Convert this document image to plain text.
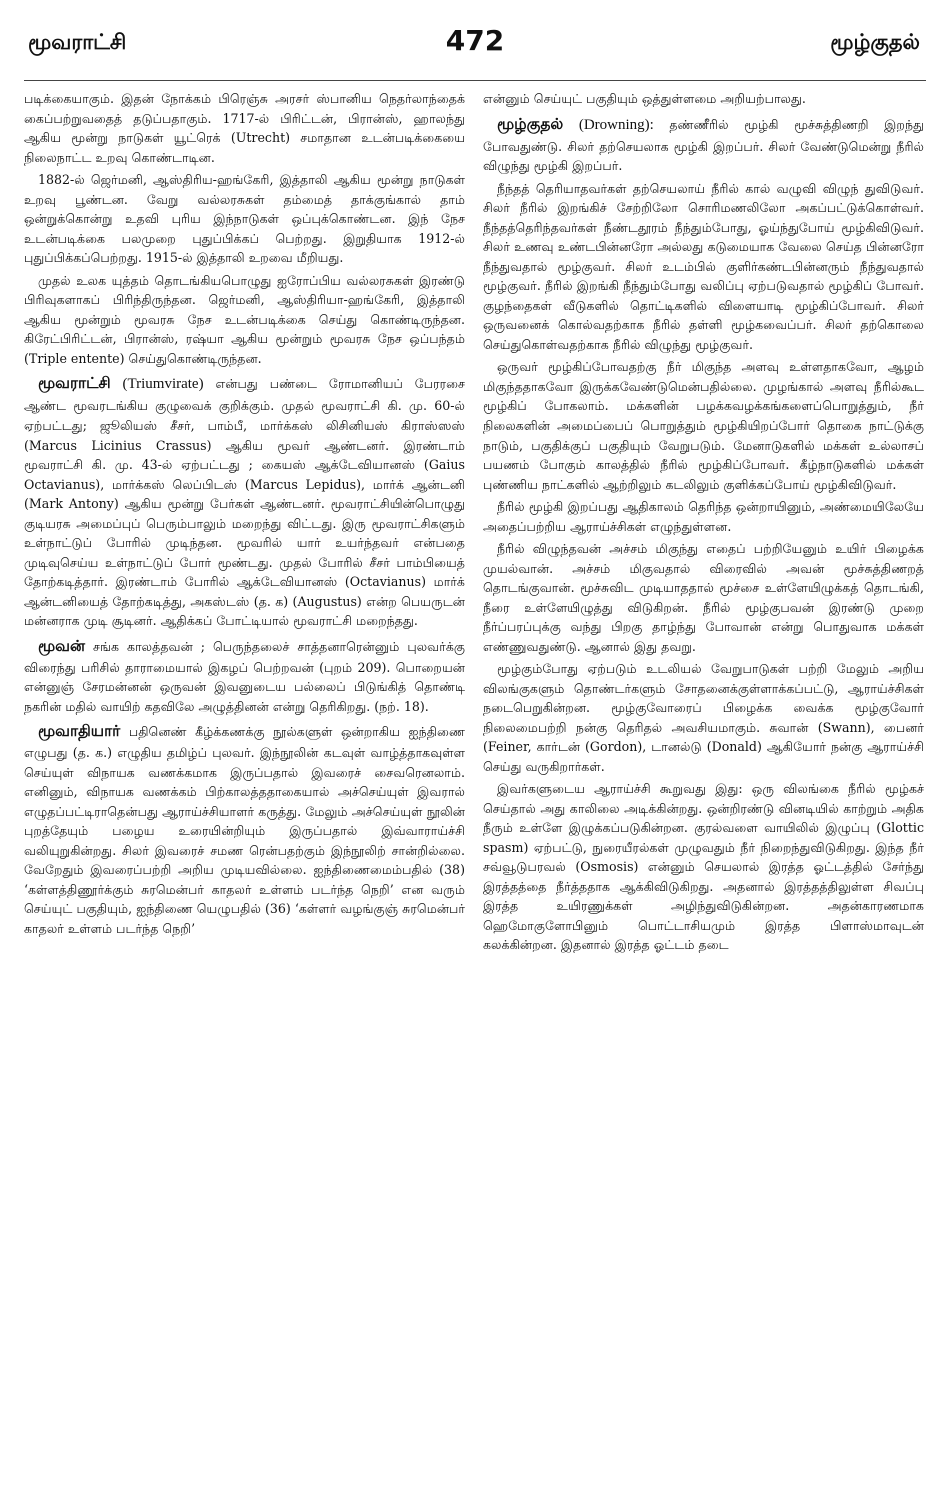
மூவராட்சி	472	மூழ்குதல்

படிக்கையாகும். இதன் நோக்கம் பிரெஞ்சு அரசர் ஸ்பானிய நெதர்லாந்தைக் கைப்பற்றுவதைத் தடுப்பதாகும். 1717-ல் பிரிட்டன், பிரான்ஸ், ஹாலந்து ஆகிய மூன்று நாடுகள் யூட்ரெக் (Utrecht) சமாதான உடன்படிக்கையை நிலைநாட்ட உறவு கொண்டாடின.

1882-ல் ஜெர்மனி, ஆஸ்திரிய-ஹங்கேரி, இத்தாலி ஆகிய மூன்று நாடுகள் உறவு பூண்டன. வேறு வல்லரசுகள் தம்மைத் தாக்குங்கால் தாம் ஒன்றுக்கொன்று உதவி புரிய இந்நாடுகள் ஒப்புக்கொண்டன. இந் நேச உடன்படிக்கை பலமுறை புதுப்பிக்கப் பெற்றது. இறுதியாக 1912-ல் புதுப்பிக்கப்பெற்றது. 1915-ல் இத்தாலி உறவை மீறியது.

முதல் உலக யுத்தம் தொடங்கியபொழுது ஐரோப்பிய வல்லரசுகள் இரண்டு பிரிவுகளாகப் பிரிந்திருந்தன. ஜெர்மனி, ஆஸ்திரியா-ஹங்கேரி, இத்தாலி ஆகிய மூன்றும் மூவரசு நேச உடன்படிக்கை செய்து கொண்டிருந்தன. கிரேட்பிரிட்டன், பிரான்ஸ், ரஷ்யா ஆகிய மூன்றும் மூவரசு நேச ஒப்பந்தம் (Triple entente) செய்துகொண்டிருந்தன.

மூவராட்சி (Triumvirate) என்பது பண்டை ரோமானியப் பேரரசை ஆண்ட மூவரடங்கிய குழுவைக் குறிக்கும். முதல் மூவராட்சி கி. மு. 60-ல் ஏற்பட்டது; ஜூலியஸ் சீசர், பாம்பீ, மார்க்கஸ் லிசினியஸ் கிராஸ்ஸஸ் (Marcus Licinius Crassus) ஆகிய மூவர் ஆண்டனர். இரண்டாம் மூவராட்சி கி. மு. 43-ல் ஏற்பட்டது ; கையஸ் ஆக்டேவியானஸ் (Gaius Octavianus), மார்க்கஸ் லெப்பிடஸ் (Marcus Lepidus), மார்க் ஆன்டனி (Mark Antony) ஆகிய மூன்று பேர்கள் ஆண்டனர். மூவராட்சியின்பொழுது குடியரசு அமைப்புப் பெரும்பாலும் மறைந்து விட்டது. இரு மூவராட்சிகளும் உள்நாட்டுப் போரில் முடிந்தன. மூவரில் யார் உயர்ந்தவர் என்பதை முடிவுசெய்ய உள்நாட்டுப் போர் மூண்டது. முதல் போரில் சீசர் பாம்பியைத் தோற்கடித்தார். இரண்டாம் போரில் ஆக்டேவியானஸ் (Octavianus) மார்க் ஆன்டனியைத் தோற்கடித்து, அகஸ்டஸ் (த. க) (Augustus) என்ற பெயருடன் மன்னராக முடி சூடினர். ஆதிக்கப் போட்டியால் மூவராட்சி மறைந்தது.

மூவன் சங்க காலத்தவன் ; பெருந்தலைச் சாத்தனாரென்னும் புலவர்க்கு விரைந்து பரிசில் தாராமையால் இகழப் பெற்றவன் (புறம் 209). பொறையன் என்னுஞ் சேரமன்னன் ஒருவன் இவனுடைய பல்லைப் பிடுங்கித் தொண்டி நகரின் மதில் வாயிற் கதவிலே அழுத்தினன் என்று தெரிகிறது. (நற். 18).

மூவாதியார் பதினெண் கீழ்க்கணக்கு நூல்களுள் ஒன்றாகிய ஐந்திணை எழுபது (த. க.) எழுதிய தமிழ்ப் புலவர். இந்நூலின் கடவுள் வாழ்த்தாகவுள்ள செய்யுள் விநாயக வணக்கமாக இருப்பதால் இவரைச் சைவரெனலாம். எனினும், விநாயக வணக்கம் பிற்காலத்ததாகையால் அச்செய்யுள் இவரால் எழுதப்பட்டிராதென்பது ஆராய்ச்சியாளர் கருத்து. மேலும் அச்செய்யுள் நூலின் புறத்தேயும் பழைய உரையின்றியும் இருப்பதால் இவ்வாராய்ச்சி வலியுறுகின்றது. சிலர் இவரைச் சமண ரென்பதற்கும் இந்நூலிற் சான்றில்லை. வேறேதும் இவரைப்பற்றி அறிய முடியவில்லை. ஐந்திணைமைம்பதில் (38) ‘கள்ளத்திணூர்க்கும் சுரமென்பர் காதலர் உள்ளம் படர்ந்த நெறி’ என வரும் செய்யுட் பகுதியும், ஐந்திணை யெழுபதில் (36) ‘கள்ளர் வழங்குஞ் சுரமென்பர் காதலர் உள்ளம் படர்ந்த நெறி’

என்னும் செய்யுட் பகுதியும் ஒத்துள்ளமை அறியற்பாலது.

மூழ்குதல் (Drowning): தண்ணீரில் மூழ்கி மூச்சுத்திணறி இறந்து போவதுண்டு. சிலர் தற்செயலாக மூழ்கி இறப்பர். சிலர் வேண்டுமென்று நீரில் விழுந்து மூழ்கி இறப்பர்.

நீந்தத் தெரியாதவர்கள் தற்செயலாய் நீரில் கால் வழுவி விழுந் துவிடுவர். சிலர் நீரில் இறங்கிச் சேற்றிலோ சொரிமணலிலோ அகப்பட்டுக்கொள்வர். நீந்தத்தெரிந்தவர்கள் நீண்டதூரம் நீந்தும்போது, ஓய்ந்துபோய் மூழ்கிவிடுவர். சிலர் உணவு உண்டபின்னரோ அல்லது கடுமையாக வேலை செய்த பின்னரோ நீந்துவதால் மூழ்குவர். சிலர் உடம்பில் குளிர்கண்டபின்னரும் நீந்துவதால் மூழ்குவர். நீரில் இறங்கி நீந்தும்போது வலிப்பு ஏற்படுவதால் மூழ்கிப் போவர். குழந்தைகள் வீடுகளில் தொட்டிகளில் விளையாடி மூழ்கிப்போவர். சிலர் ஒருவனைக் கொல்வதற்காக நீரில் தள்ளி மூழ்கவைப்பர். சிலர் தற்கொலை செய்துகொள்வதற்காக நீரில் விழுந்து மூழ்குவர்.

ஒருவர் மூழ்கிப்போவதற்கு நீர் மிகுந்த அளவு உள்ளதாகவோ, ஆழம் மிகுந்ததாகவோ இருக்கவேண்டுமென்பதில்லை. முழங்கால் அளவு நீரில்கூட மூழ்கிப் போகலாம். மக்களின் பழக்கவழக்கங்களைப்பொறுத்தும், நீர் நிலைகளின் அமைப்பைப் பொறுத்தும் மூழ்கியிறப்போர் தொகை நாட்டுக்கு நாடும், பகுதிக்குப் பகுதியும் வேறுபடும். மேனாடுகளில் மக்கள் உல்லாசப் பயணம் போகும் காலத்தில் நீரில் மூழ்கிப்போவர். கீழ்நாடுகளில் மக்கள் புண்ணிய நாட்களில் ஆற்றிலும் கடலிலும் குளிக்கப்போய் மூழ்கிவிடுவர்.

நீரில் மூழ்கி இறப்பது ஆதிகாலம் தெரிந்த ஒன்றாயினும், அண்மையிலேயே அதைப்பற்றிய ஆராய்ச்சிகள் எழுந்துள்ளன.

நீரில் விழுந்தவன் அச்சம் மிகுந்து எதைப் பற்றியேனும் உயிர் பிழைக்க முயல்வான். அச்சம் மிகுவதால் விரைவில் அவன் மூச்சுத்திணறத் தொடங்குவான். மூச்சுவிட முடியாததால் மூச்சை உள்ளேயிழுக்கத் தொடங்கி, நீரை உள்ளேயிழுத்து விடுகிறன். நீரில் மூழ்குபவன் இரண்டு முறை நீர்ப்பரப்புக்கு வந்து பிறகு தாழ்ந்து போவான் என்று பொதுவாக மக்கள் எண்ணுவதுண்டு. ஆனால் இது தவறு.

மூழ்கும்போது ஏற்படும் உடலியல் வேறுபாடுகள் பற்றி மேலும் அறிய விலங்குகளும் தொண்டர்களும் சோதனைக்குள்ளாக்கப்பட்டு, ஆராய்ச்சிகள் நடைபெறுகின்றன. மூழ்குவோரைப் பிழைக்க வைக்க மூழ்குவோர் நிலைமைபற்றி நன்கு தெரிதல் அவசியமாகும். சுவான் (Swann), பைனர் (Feiner, கார்டன் (Gordon), டானல்டு (Donald) ஆகியோர் நன்கு ஆராய்ச்சி செய்து வருகிறார்கள்.

இவர்களுடைய ஆராய்ச்சி கூறுவது இது: ஒரு விலங்கை நீரில் மூழ்கச் செய்தால் அது காலிலை அடிக்கின்றது. ஒன்றிரண்டு வினடியில் காற்றும் அதிக நீரும் உள்ளே இழுக்கப்படுகின்றன. குரல்வளை வாயிலில் இழுப்பு (Glottic spasm) ஏற்பட்டு, நுரையீரல்கள் முழுவதும் நீர் நிறைந்துவிடுகிறது. இந்த நீர் சவ்வூடுபரவல் (Osmosis) என்னும் செயலால் இரத்த ஓட்டத்தில் சேர்ந்து இரத்தத்தை நீர்த்ததாக ஆக்கிவிடுகிறது. அதனால் இரத்தத்திலுள்ள சிவப்பு இரத்த உயிரணுக்கள் அழிந்துவிடுகின்றன. அதன்காரணமாக ஹெமோகுளோபினும் பொட்டாசியமும் இரத்த பிளாஸ்மாவுடன் கலக்கின்றன. இதனால் இரத்த ஓட்டம் தடை
